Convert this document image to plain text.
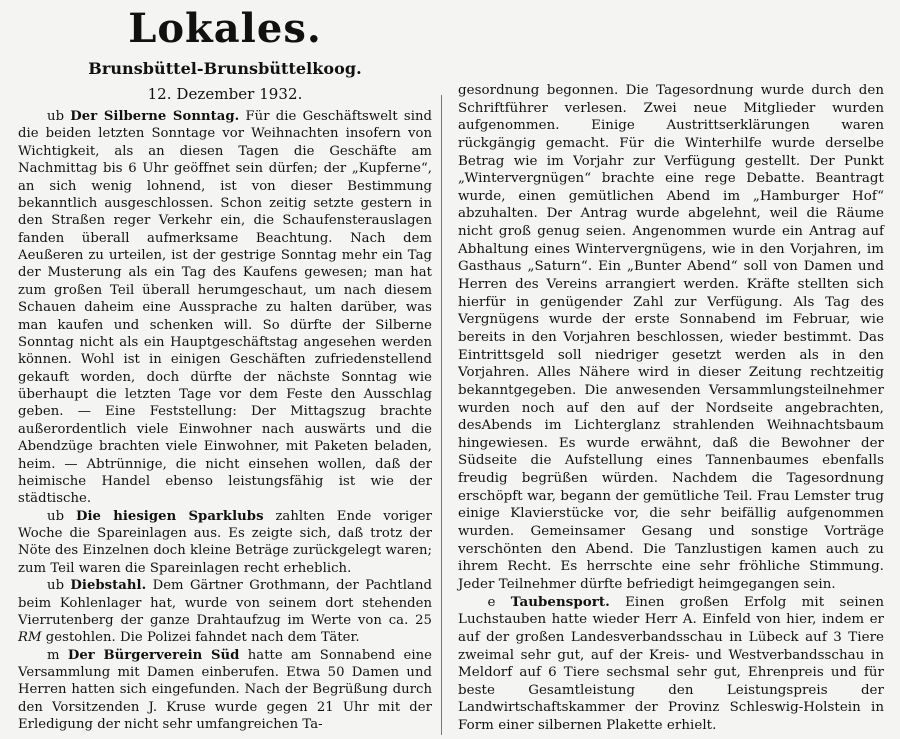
Lokales.
Brunsbüttel-Brunsbüttelkoog.
12. Dezember 1932.

ub Der Silberne Sonntag. Für die Geschäftswelt sind die beiden letzten Sonntage vor Weihnachten insofern von Wichtigkeit, als an diesen Tagen die Geschäfte am Nachmittag bis 6 Uhr geöffnet sein dürfen; der „Kupferne“, an sich wenig lohnend, ist von dieser Bestimmung bekanntlich ausgeschlossen. Schon zeitig setzte gestern in den Straßen reger Verkehr ein, die Schaufensterauslagen fanden überall aufmerksame Beachtung. Nach dem Aeußeren zu urteilen, ist der gestrige Sonntag mehr ein Tag der Musterung als ein Tag des Kaufens gewesen; man hat zum großen Teil überall herumgeschaut, um nach diesem Schauen daheim eine Aussprache zu halten darüber, was man kaufen und schenken will. So dürfte der Silberne Sonntag nicht als ein Hauptgeschäftstag angesehen werden können. Wohl ist in einigen Geschäften zufriedenstellend gekauft worden, doch dürfte der nächste Sonntag wie überhaupt die letzten Tage vor dem Feste den Ausschlag geben. — Eine Feststellung: Der Mittagszug brachte außerordentlich viele Einwohner nach auswärts und die Abendzüge brachten viele Einwohner, mit Paketen beladen, heim. — Abtrünnige, die nicht einsehen wollen, daß der heimische Handel ebenso leistungsfähig ist wie der städtische.

ub Die hiesigen Sparklubs zahlten Ende voriger Woche die Spareinlagen aus. Es zeigte sich, daß trotz der Nöte des Einzelnen doch kleine Beträge zurückgelegt waren; zum Teil waren die Spareinlagen recht erheblich.

ub Diebstahl. Dem Gärtner Grothmann, der Pachtland beim Kohlenlager hat, wurde von seinem dort stehenden Vierrutenberg der ganze Drahtaufzug im Werte von ca. 25 RM gestohlen. Die Polizei fahndet nach dem Täter.

m Der Bürgerverein Süd hatte am Sonnabend eine Versammlung mit Damen einberufen. Etwa 50 Damen und Herren hatten sich eingefunden. Nach der Begrüßung durch den Vorsitzenden J. Kruse wurde gegen 21 Uhr mit der Erledigung der nicht sehr umfangreichen Ta-

gesordnung begonnen. Die Tagesordnung wurde durch den Schriftführer verlesen. Zwei neue Mitglieder wurden aufgenommen. Einige Austrittserklärungen waren rückgängig gemacht. Für die Winterhilfe wurde derselbe Betrag wie im Vorjahr zur Verfügung gestellt. Der Punkt „Wintervergnügen“ brachte eine rege Debatte. Beantragt wurde, einen gemütlichen Abend im „Hamburger Hof“ abzuhalten. Der Antrag wurde abgelehnt, weil die Räume nicht groß genug seien. Angenommen wurde ein Antrag auf Abhaltung eines Wintervergnügens, wie in den Vorjahren, im Gasthaus „Saturn“. Ein „Bunter Abend“ soll von Damen und Herren des Vereins arrangiert werden. Kräfte stellten sich hierfür in genügender Zahl zur Verfügung. Als Tag des Vergnügens wurde der erste Sonnabend im Februar, wie bereits in den Vorjahren beschlossen, wieder bestimmt. Das Eintrittsgeld soll niedriger gesetzt werden als in den Vorjahren. Alles Nähere wird in dieser Zeitung rechtzeitig bekanntgegeben. Die anwesenden Versammlungsteilnehmer wurden noch auf den auf der Nordseite angebrachten, desAbends im Lichterglanz strahlenden Weihnachtsbaum hingewiesen. Es wurde erwähnt, daß die Bewohner der Südseite die Aufstellung eines Tannenbaumes ebenfalls freudig begrüßen würden. Nachdem die Tagesordnung erschöpft war, begann der gemütliche Teil. Frau Lemster trug einige Klavierstücke vor, die sehr beifällig aufgenommen wurden. Gemeinsamer Gesang und sonstige Vorträge verschönten den Abend. Die Tanzlustigen kamen auch zu ihrem Recht. Es herrschte eine sehr fröhliche Stimmung. Jeder Teilnehmer dürfte befriedigt heimgegangen sein.

e Taubensport. Einen großen Erfolg mit seinen Luchstauben hatte wieder Herr A. Einfeld von hier, indem er auf der großen Landesverbandsschau in Lübeck auf 3 Tiere zweimal sehr gut, auf der Kreis- und Westverbandsschau in Meldorf auf 6 Tiere sechsmal sehr gut, Ehrenpreis und für beste Gesamtleistung den Leistungspreis der Landwirtschaftskammer der Provinz Schleswig-Holstein in Form einer silbernen Plakette erhielt.
